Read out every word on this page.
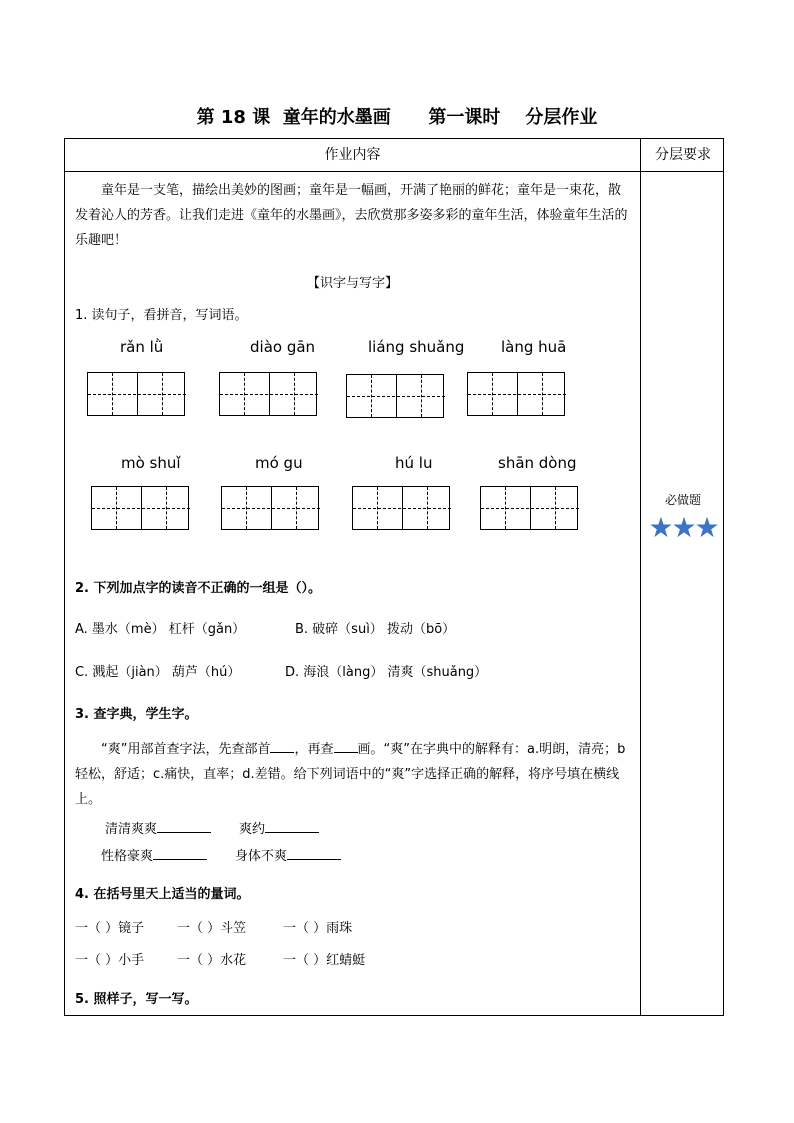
第 18 课  童年的水墨画      第一课时    分层作业
作业内容	分层要求
童年是一支笔，描绘出美妙的图画；童年是一幅画，开满了艳丽的鲜花；童年是一束花，散发着沁人的芳香。让我们走进《童年的水墨画》，去欣赏那多姿多彩的童年生活，体验童年生活的乐趣吧！
【识字与写字】
1. 读句子，看拼音，写词语。
rǎn lǜ	diào gān	liáng shuǎng làng huā
mò shuǐ	mó gu	hú lu	shān dòng
2. 下列加点字的读音不正确的一组是（）。
A. 墨水（mè） 杠杆（gǎn）	B. 破碎（suì） 拨动（bō）
C. 溅起（jiàn） 葫芦（hú）	D. 海浪（làng） 清爽（shuǎng）
3. 查字典，学生字。
“爽”用部首查字法，先查部首 ，再查 画。“爽”在字典中的解释有：a.明朗，清亮；b 轻松，舒适；c.痛快，直率；d.差错。给下列词语中的“爽”字选择正确的解释，将序号填在横线上。
清清爽爽	爽约
性格豪爽	身体不爽
4. 在括号里天上适当的量词。
一（ ）镜子	一（ ）斗笠	一（ ）雨珠
一（ ）小手	一（ ）水花	一（ ）红蜻蜓
5. 照样子，写一写。
必做题
★★★
